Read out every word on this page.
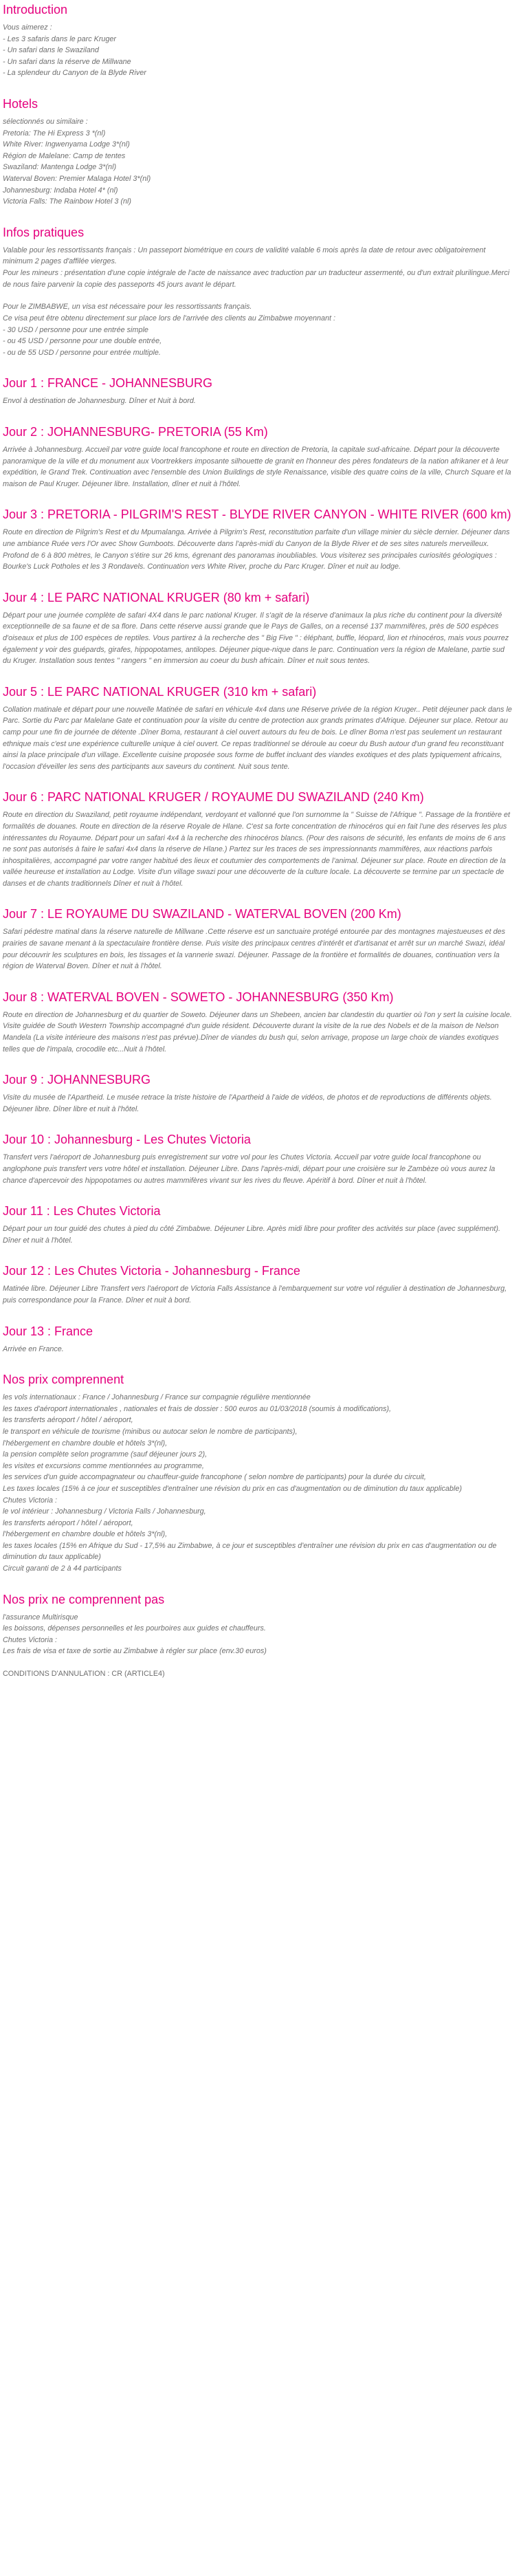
Introduction

Vous aimerez :

- Les 3 safaris dans le parc Kruger

- Un safari dans le Swaziland

- Un safari dans la réserve de Millwane

- La splendeur du Canyon de la Blyde River

Hotels

sélectionnés ou similaire :

Pretoria: The Hi Express 3 *(nl)

White River: Ingwenyama Lodge 3*(nl)

Région de Malelane: Camp de tentes

Swaziland: Mantenga Lodge 3*(nl)

Waterval Boven: Premier Malaga Hotel 3*(nl)

Johannesburg: Indaba Hotel 4* (nl)

Victoria Falls: The Rainbow Hotel 3 (nl)

Infos pratiques

Valable pour les ressortissants français : Un passeport biométrique en cours de validité valable 6 mois après la date de retour avec obligatoirement minimum 2 pages d'affilée vierges.

Pour les mineurs : présentation d'une copie intégrale de l'acte de naissance avec traduction par un traducteur assermenté, ou d'un extrait plurilingue.Merci de nous faire parvenir la copie des passeports 45 jours avant le départ.

Pour le ZIMBABWE, un visa est nécessaire pour les ressortissants français.

Ce visa peut être obtenu directement sur place lors de l'arrivée des clients au Zimbabwe moyennant :

- 30 USD / personne pour une entrée simple

- ou 45 USD / personne pour une double entrée,

- ou de 55 USD / personne pour entrée multiple.

Jour 1 : FRANCE - JOHANNESBURG

Envol à destination de Johannesburg. Dîner et Nuit à bord.

Jour 2 : JOHANNESBURG- PRETORIA (55 Km)

Arrivée à Johannesburg. Accueil par votre guide local francophone et route en direction de Pretoria, la capitale sud-africaine. Départ pour la découverte panoramique de la ville et du monument aux Voortrekkers imposante silhouette de granit en l'honneur des pères fondateurs de la nation afrikaner et à leur expédition, le Grand Trek. Continuation avec l'ensemble des Union Buildings de style Renaissance, visible des quatre coins de la ville, Church Square et la maison de Paul Kruger. Déjeuner libre. Installation, dîner et nuit à l'hôtel.

Jour 3 : PRETORIA - PILGRIM'S REST - BLYDE RIVER CANYON - WHITE RIVER (600 km)

Route en direction de Pilgrim's Rest et du Mpumalanga. Arrivée à Pilgrim's Rest, reconstitution parfaite d'un village minier du siècle dernier. Déjeuner dans une ambiance Ruée vers l'Or avec Show Gumboots. Découverte dans l'après-midi du Canyon de la Blyde River et de ses sites naturels merveilleux. Profond de 6 à 800 mètres, le Canyon s'étire sur 26 kms, égrenant des panoramas inoubliables. Vous visiterez ses principales curiosités géologiques : Bourke's Luck Potholes et les 3 Rondavels. Continuation vers White River, proche du Parc Kruger. Dîner et nuit au lodge.

Jour 4 : LE PARC NATIONAL KRUGER (80 km + safari)

Départ pour une journée complète de safari 4X4 dans le parc national Kruger. Il s'agit de la réserve d'animaux la plus riche du continent pour la diversité exceptionnelle de sa faune et de sa flore. Dans cette réserve aussi grande que le Pays de Galles, on a recensé 137 mammifères, près de 500 espèces d'oiseaux et plus de 100 espèces de reptiles. Vous partirez à la recherche des " Big Five " : éléphant, buffle, léopard, lion et rhinocéros, mais vous pourrez également y voir des guépards, girafes, hippopotames, antilopes. Déjeuner pique-nique dans le parc. Continuation vers la région de Malelane, partie sud du Kruger. Installation sous tentes " rangers " en immersion au coeur du bush africain. Dîner et nuit sous tentes.

Jour 5 : LE PARC NATIONAL KRUGER (310 km + safari)

Collation matinale et départ pour une nouvelle Matinée de safari en véhicule 4x4 dans une Réserve privée de la région Kruger.. Petit déjeuner pack dans le Parc. Sortie du Parc par Malelane Gate et continuation pour la visite du centre de protection aux grands primates d'Afrique. Déjeuner sur place. Retour au camp pour une fin de journée de détente .Dîner Boma, restaurant à ciel ouvert autours du feu de bois. Le dîner Boma n'est pas seulement un restaurant ethnique mais c'est une expérience culturelle unique à ciel ouvert. Ce repas traditionnel se déroule au coeur du Bush autour d'un grand feu reconstituant ainsi la place principale d'un village. Excellente cuisine proposée sous forme de buffet incluant des viandes exotiques et des plats typiquement africains, l'occasion d'éveiller les sens des participants aux saveurs du continent. Nuit sous tente.

Jour 6 : PARC NATIONAL KRUGER / ROYAUME DU SWAZILAND (240 Km)

Route en direction du Swaziland, petit royaume indépendant, verdoyant et vallonné que l'on surnomme la " Suisse de l'Afrique ". Passage de la frontière et formalités de douanes. Route en direction de la réserve Royale de Hlane. C'est sa forte concentration de rhinocéros qui en fait l'une des réserves les plus intéressantes du Royaume. Départ pour un safari 4x4 à la recherche des rhinocéros blancs. (Pour des raisons de sécurité, les enfants de moins de 6 ans ne sont pas autorisés à faire le safari 4x4 dans la réserve de Hlane.) Partez sur les traces de ses impressionnants mammifères, aux réactions parfois inhospitalières, accompagné par votre ranger habitué des lieux et coutumier des comportements de l'animal. Déjeuner sur place. Route en direction de la vallée heureuse et installation au Lodge. Visite d'un village swazi pour une découverte de la culture locale. La découverte se termine par un spectacle de danses et de chants traditionnels Dîner et nuit à l'hôtel.

Jour 7 : LE ROYAUME DU SWAZILAND - WATERVAL BOVEN (200 Km)

Safari pédestre matinal dans la réserve naturelle de Millwane .Cette réserve est un sanctuaire protégé entourée par des montagnes majestueuses et des prairies de savane menant à la spectaculaire frontière dense. Puis visite des principaux centres d'intérêt et d'artisanat et arrêt sur un marché Swazi, idéal pour découvrir les sculptures en bois, les tissages et la vannerie swazi. Déjeuner. Passage de la frontière et formalités de douanes, continuation vers la région de Waterval Boven. Dîner et nuit à l'hôtel.

Jour 8 : WATERVAL BOVEN - SOWETO - JOHANNESBURG (350 Km)

Route en direction de Johannesburg et du quartier de Soweto. Déjeuner dans un Shebeen, ancien bar clandestin du quartier où l'on y sert la cuisine locale. Visite guidée de South Western Township accompagné d'un guide résident. Découverte durant la visite de la rue des Nobels et de la maison de Nelson Mandela (La visite intérieure des maisons n'est pas prévue).Dîner de viandes du bush qui, selon arrivage, propose un large choix de viandes exotiques telles que de l'impala, crocodile etc...Nuit à l'hôtel.

Jour 9 : JOHANNESBURG

Visite du musée de l'Apartheid. Le musée retrace la triste histoire de l'Apartheid à l'aide de vidéos, de photos et de reproductions de différents objets. Déjeuner libre. Dîner libre et nuit à l'hôtel.

Jour 10 : Johannesburg - Les Chutes Victoria

Transfert vers l'aéroport de Johannesburg puis enregistrement sur votre vol pour les Chutes Victoria. Accueil par votre guide local francophone ou anglophone puis transfert vers votre hôtel et installation. Déjeuner Libre. Dans l'après-midi, départ pour une croisière sur le Zambèze où vous aurez la chance d'apercevoir des hippopotames ou autres mammifères vivant sur les rives du fleuve. Apéritif à bord. Dîner et nuit à l'hôtel.

Jour 11 : Les Chutes Victoria

Départ pour un tour guidé des chutes à pied du côté Zimbabwe. Déjeuner Libre. Après midi libre pour profiter des activités sur place (avec supplément). Dîner et nuit à l'hôtel.

Jour 12 : Les Chutes Victoria - Johannesburg - France

Matinée libre. Déjeuner Libre Transfert vers l'aéroport de Victoria Falls Assistance à l'embarquement sur votre vol régulier à destination de Johannesburg, puis correspondance pour la France. Dîner et nuit à bord.

Jour 13 : France

Arrivée en France.

Nos prix comprennent

les vols internationaux : France / Johannesburg / France sur compagnie régulière mentionnée

les taxes d'aéroport internationales , nationales et frais de dossier : 500 euros au 01/03/2018 (soumis à modifications),

les transferts aéroport / hôtel / aéroport,

le transport en véhicule de tourisme (minibus ou autocar selon le nombre de participants),

l'hébergement en chambre double et hôtels 3*(nl),

la pension complète selon programme (sauf déjeuner jours 2),

les visites et excursions comme mentionnées au programme,

les services d'un guide accompagnateur ou chauffeur-guide francophone ( selon nombre de participants) pour la durée du circuit,

Les taxes locales (15% à ce jour et susceptibles d'entraîner une révision du prix en cas d'augmentation ou de diminution du taux applicable)

Chutes Victoria :

le vol intérieur : Johannesburg / Victoria Falls / Johannesburg,

les transferts aéroport / hôtel / aéroport,

l'hébergement en chambre double et hôtels 3*(nl),

les taxes locales (15% en Afrique du Sud - 17,5% au Zimbabwe, à ce jour et susceptibles d'entraîner une révision du prix en cas d'augmentation ou de diminution du taux applicable)

Circuit garanti de 2 à 44 participants

Nos prix ne comprennent pas

l'assurance Multirisque

les boissons, dépenses personnelles et les pourboires aux guides et chauffeurs.

Chutes Victoria :

Les frais de visa et taxe de sortie au Zimbabwe à régler sur place (env.30 euros)

CONDITIONS D'ANNULATION : CR (ARTICLE4)
